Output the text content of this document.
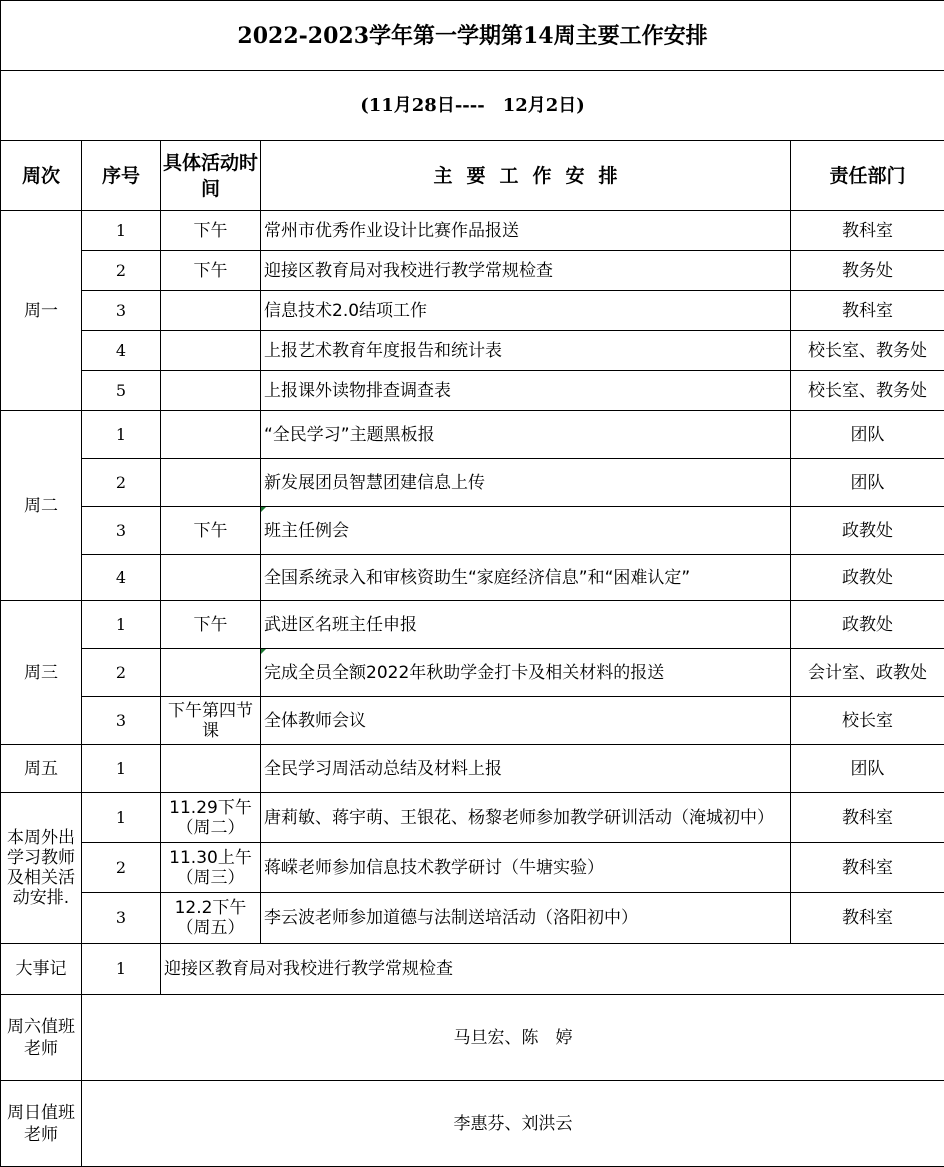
2022-2023学年第一学期第14周主要工作安排				
(11月28日----　12月2日)				
周次	序号	具体活动时间	主要工作安排	责任部门
周一	1	下午	常州市优秀作业设计比赛作品报送	教科室
	2	下午	迎接区教育局对我校进行教学常规检查	教务处
	3		信息技术2.0结项工作	教科室
	4		上报艺术教育年度报告和统计表	校长室、教务处
	5		上报课外读物排查调查表	校长室、教务处
周二	1		“全民学习”主题黑板报	团队
	2		新发展团员智慧团建信息上传	团队
	3	下午	班主任例会	政教处
	4		全国系统录入和审核资助生“家庭经济信息”和“困难认定”	政教处
周三	1	下午	武进区名班主任申报	政教处
	2		完成全员全额2022年秋助学金打卡及相关材料的报送	会计室、政教处
	3	下午第四节课	全体教师会议	校长室
周五	1		全民学习周活动总结及材料上报	团队
本周外出学习教师及相关活动安排.	1	11.29下午（周二）	唐莉敏、蒋宇萌、王银花、杨黎老师参加教学研训活动（淹城初中）	教科室
	2	11.30上午（周三）	蒋嵘老师参加信息技术教学研讨（牛塘实验）	教科室
	3	12.2下午（周五）	李云波老师参加道德与法制送培活动（洛阳初中）	教科室
大事记	1	迎接区教育局对我校进行教学常规检查		

周六值班老师	马旦宏、陈　婷			

周日值班老师	李惠芬、刘洪云			
